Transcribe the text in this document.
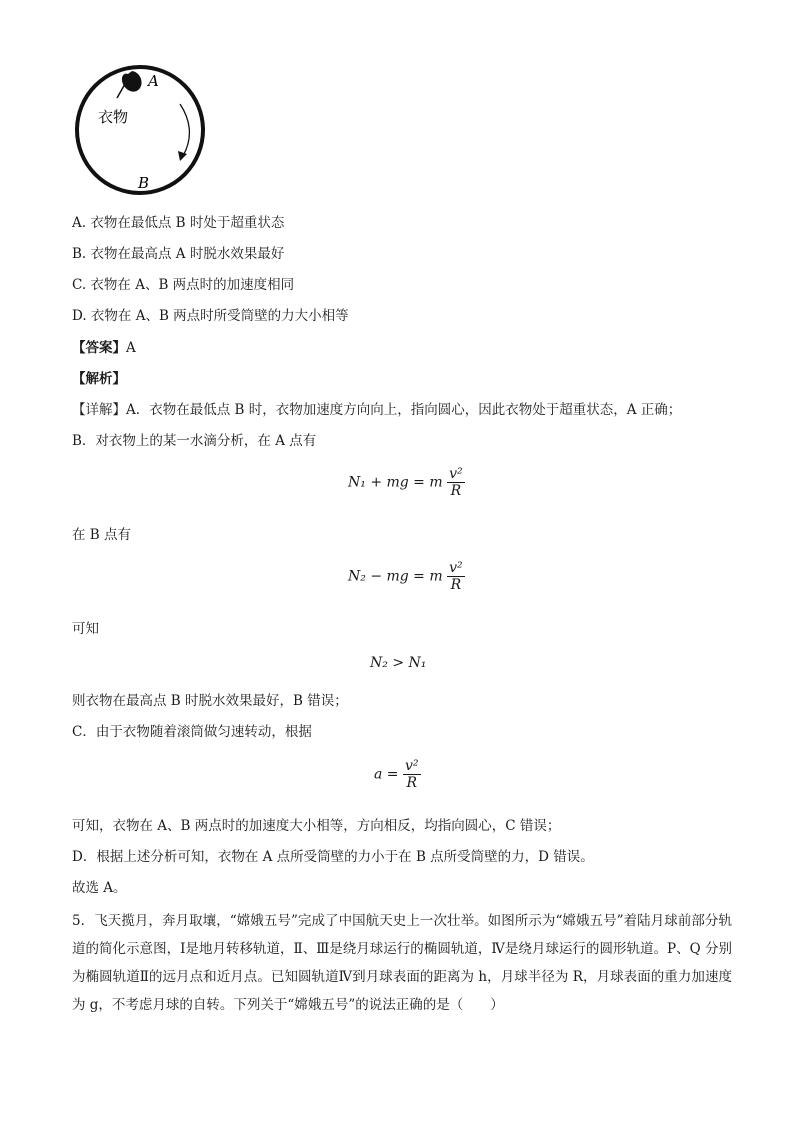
A
衣物
B
A. 衣物在最低点 B 时处于超重状态
B. 衣物在最高点 A 时脱水效果最好
C. 衣物在 A、B 两点时的加速度相同
D. 衣物在 A、B 两点时所受筒壁的力大小相等
【答案】A
【解析】
【详解】A．衣物在最低点 B 时，衣物加速度方向向上，指向圆心，因此衣物处于超重状态，A 正确；
B．对衣物上的某一水滴分析，在 A 点有
N₁ + mg = m $\frac{\text{v²}}{R}$
在 B 点有
N₂ − mg = m $\frac{\text{v²}}{R}$
可知
N₂ > N₁
则衣物在最高点 B 时脱水效果最好，B 错误；
C．由于衣物随着滚筒做匀速转动，根据
$a = \frac{\text{v²}}{R}$
可知，衣物在 A、B 两点时的加速度大小相等，方向相反，均指向圆心，C 错误；
D．根据上述分析可知，衣物在 A 点所受筒壁的力小于在 B 点所受筒壁的力，D 错误。
故选 A。
5．飞天揽月，奔月取壤，“嫦娥五号”完成了中国航天史上一次壮举。如图所示为“嫦娥五号”着陆月球前部分轨道的简化示意图，Ⅰ是地月转移轨道，Ⅱ、Ⅲ是绕月球运行的椭圆轨道，Ⅳ是绕月球运行的圆形轨道。P、Q 分别为椭圆轨道Ⅱ的远月点和近月点。已知圆轨道Ⅳ到月球表面的距离为 h，月球半径为 R，月球表面的重力加速度为 g，不考虑月球的自转。下列关于“嫦娥五号”的说法正确的是（　　）
